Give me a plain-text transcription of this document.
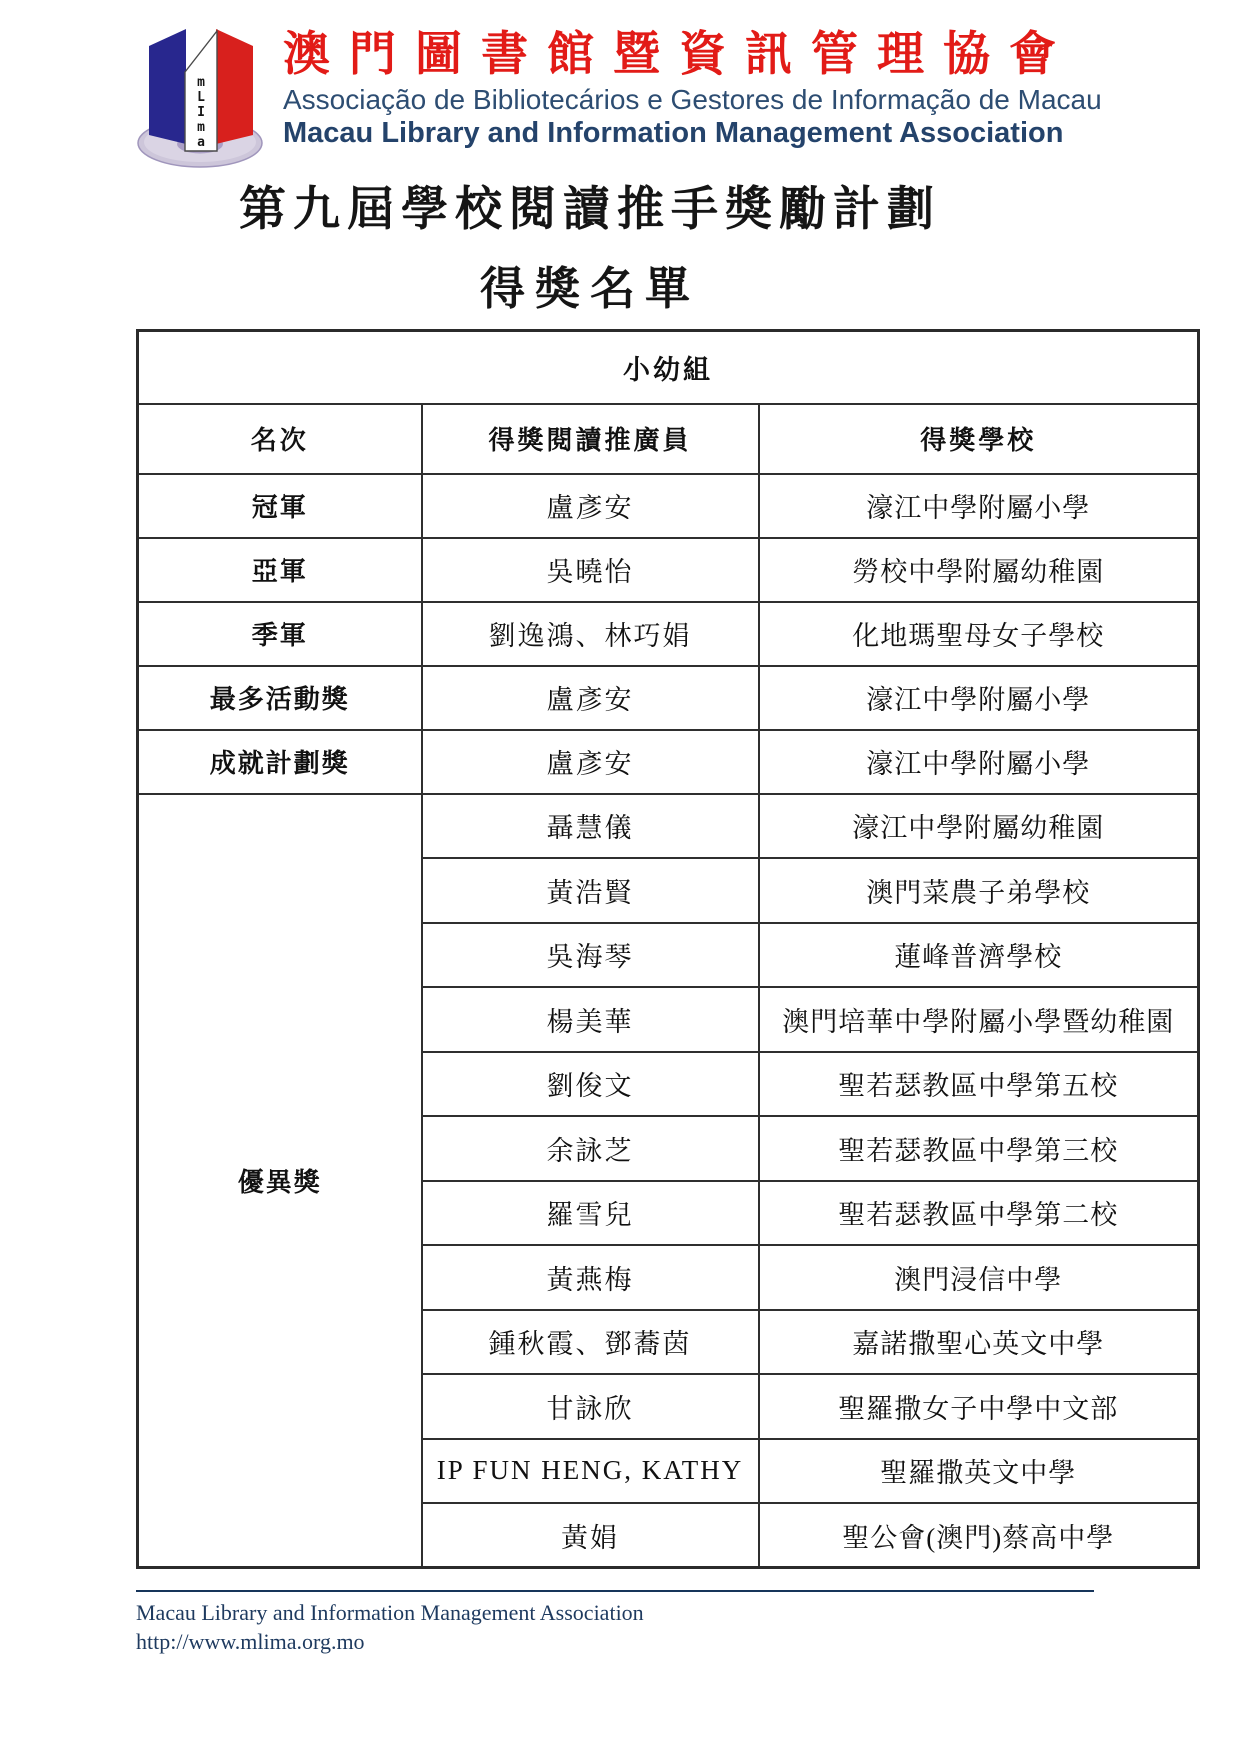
m
L
I
m
a
澳門圖書館暨資訊管理協會
Associação de Bibliotecários e Gestores de Informação de Macau
Macau Library and Information Management Association
第九屆學校閱讀推手獎勵計劃
得獎名單
小幼組		
名次	得獎閱讀推廣員	得獎學校
冠軍	盧彥安	濠江中學附屬小學
亞軍	吳曉怡	勞校中學附屬幼稚園
季軍	劉逸鴻、林巧娟	化地瑪聖母女子學校
最多活動獎	盧彥安	濠江中學附屬小學
成就計劃獎	盧彥安	濠江中學附屬小學
優異獎	聶慧儀	濠江中學附屬幼稚園
	黃浩賢	澳門菜農子弟學校
	吳海琴	蓮峰普濟學校
	楊美華	澳門培華中學附屬小學暨幼稚園
	劉俊文	聖若瑟教區中學第五校
	余詠芝	聖若瑟教區中學第三校
	羅雪兒	聖若瑟教區中學第二校
	黃燕梅	澳門浸信中學
	鍾秋霞、鄧蕎茵	嘉諾撒聖心英文中學
	甘詠欣	聖羅撒女子中學中文部
	IP FUN HENG, KATHY	聖羅撒英文中學
	黃娟	聖公會(澳門)蔡高中學
Macau Library and Information Management Association
http://www.mlima.org.mo
